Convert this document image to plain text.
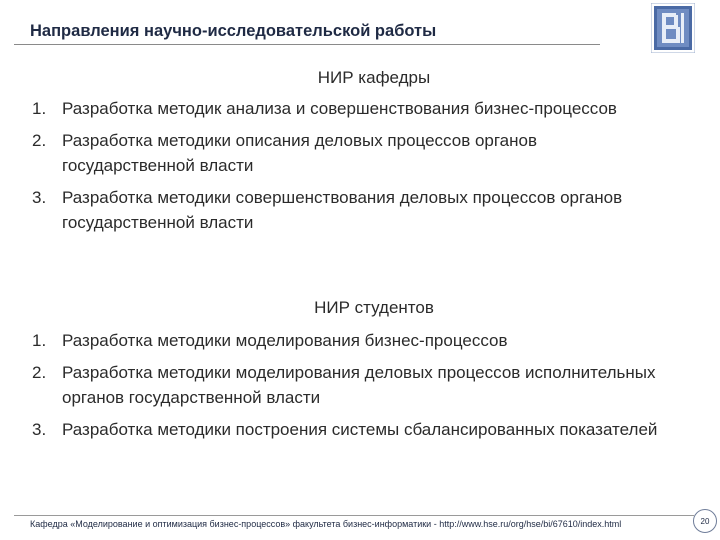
Направления научно-исследовательской работы
НИР кафедры
1. Разработка методик анализа и совершенствования бизнес-процессов
2. Разработка методики описания деловых процессов органов государственной власти
3. Разработка методики совершенствования деловых процессов органов государственной власти
НИР студентов
1. Разработка методики моделирования бизнес-процессов
2. Разработка методики моделирования деловых процессов исполнительных органов государственной власти
3. Разработка методики построения системы сбалансированных показателей
Кафедра «Моделирование и оптимизация бизнес-процессов» факультета бизнес-информатики - http://www.hse.ru/org/hse/bi/67610/index.html	20
